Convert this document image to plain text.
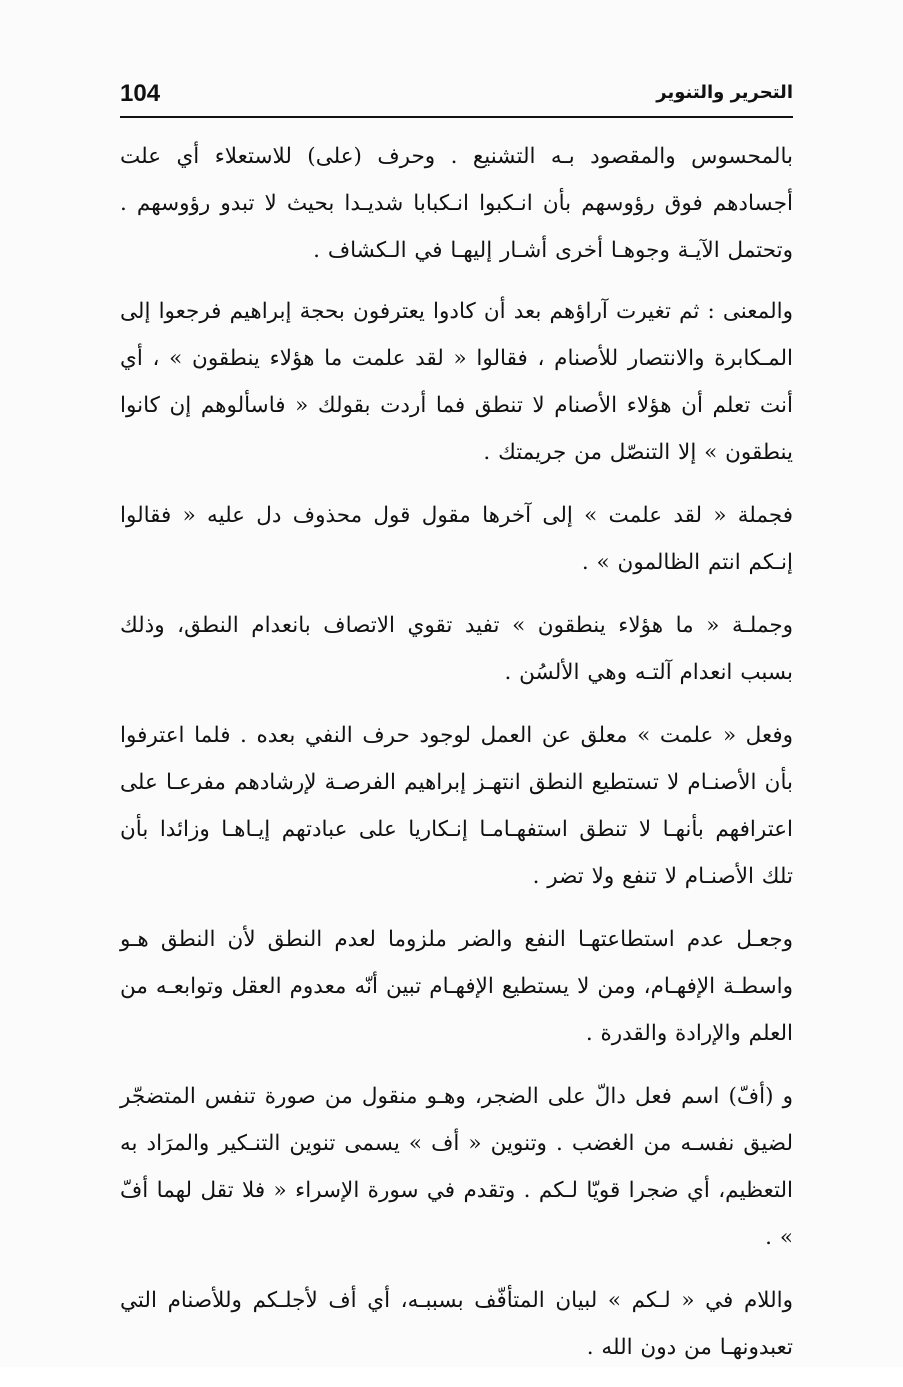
104	التحرير والتنوير

بالمحسوس والمقصود بـه التشنيع . وحرف (على) للاستعلاء أي علت أجسادهم فوق رؤوسهم بأن انـكبوا انـكبابا شديـدا بحيث لا تبدو رؤوسهم . وتحتمل الآيـة وجوهـا أخرى أشـار إليهـا في الـكشاف .

والمعنى : ثم تغيرت آراؤهم بعد أن كادوا يعترفون بحجة إبراهيم فرجعوا إلى المـكابرة والانتصار للأصنام ، فقالوا « لقد علمت ما هؤلاء ينطقون » ، أي أنت تعلم أن هؤلاء الأصنام لا تنطق فما أردت بقولك « فاسألوهم إن كانوا ينطقون » إلا التنصّل من جريمتك .

فجملة « لقد علمت » إلى آخرها مقول قول محذوف دل عليه « فقالوا إنـكم انتم الظالمون » .

وجملـة « ما هؤلاء ينطقون » تفيد تقوي الاتصاف بانعدام النطق، وذلك بسبب انعدام آلتـه وهي الألسُن .

وفعل « علمت » معلق عن العمل لوجود حرف النفي بعده . فلما اعترفوا بأن الأصنـام لا تستطيع النطق انتهـز إبراهيم الفرصـة لإرشادهم مفرعـا على اعترافهم بأنهـا لا تنطق استفهـامـا إنـكاريا على عبادتهم إيـاهـا وزائدا بأن تلك الأصنـام لا تنفع ولا تضر .

وجعـل عدم استطاعتهـا النفع والضر ملزوما لعدم النطق لأن النطق هـو واسطـة الإفهـام، ومن لا يستطيع الإفهـام تبين أنّه معدوم العقل وتوابعـه من العلم والإرادة والقدرة .

و (أفّ) اسم فعل دالّ على الضجر، وهـو منقول من صورة تنفس المتضجّر لضيق نفسـه من الغضب . وتنوين « أف » يسمى تنوين التنـكير والمرَاد به التعظيم، أي ضجرا قويّا لـكم . وتقدم في سورة الإسراء « فلا تقل لهما أفّ » .

واللام في « لـكم » لبيان المتأفّف بسببـه، أي أف لأجلـكم وللأصنام التي تعبدونهـا من دون الله .
